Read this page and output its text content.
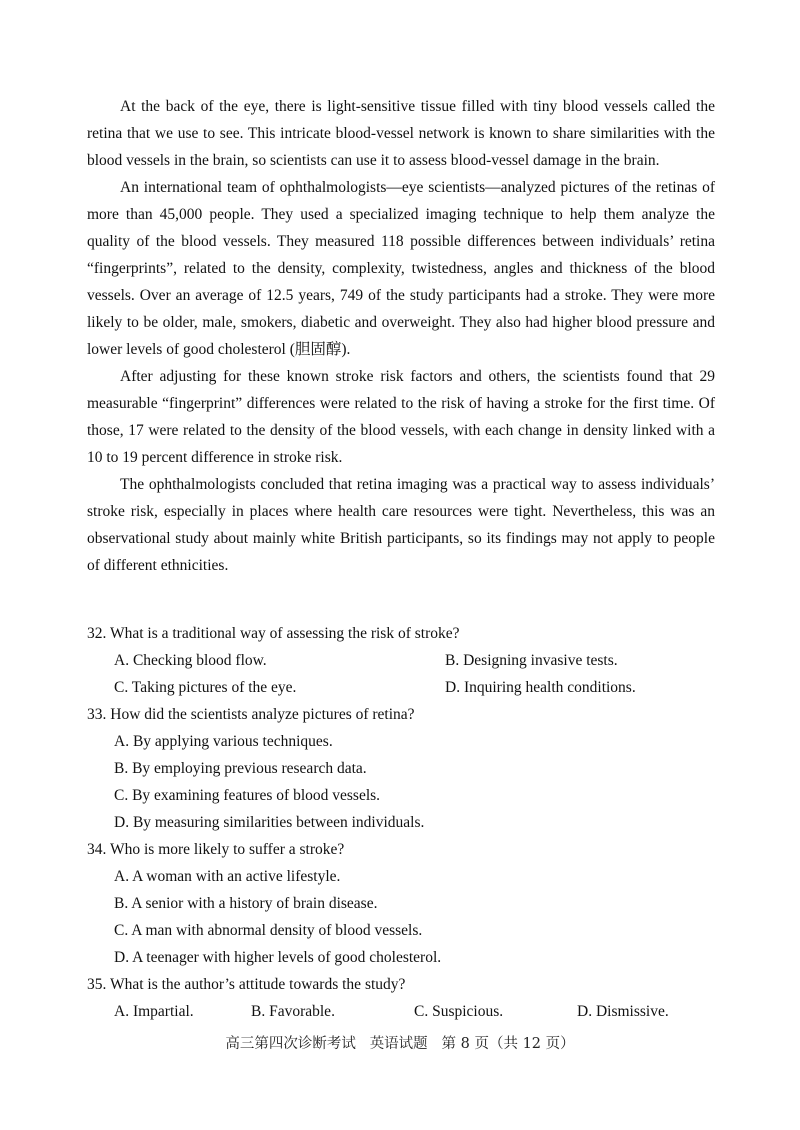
At the back of the eye, there is light-sensitive tissue filled with tiny blood vessels called the retina that we use to see. This intricate blood-vessel network is known to share similarities with the blood vessels in the brain, so scientists can use it to assess blood-vessel damage in the brain.

An international team of ophthalmologists—eye scientists—analyzed pictures of the retinas of more than 45,000 people. They used a specialized imaging technique to help them analyze the quality of the blood vessels. They measured 118 possible differences between individuals’ retina “fingerprints”, related to the density, complexity, twistedness, angles and thickness of the blood vessels. Over an average of 12.5 years, 749 of the study participants had a stroke. They were more likely to be older, male, smokers, diabetic and overweight. They also had higher blood pressure and lower levels of good cholesterol (胆固醇).

After adjusting for these known stroke risk factors and others, the scientists found that 29 measurable “fingerprint” differences were related to the risk of having a stroke for the first time. Of those, 17 were related to the density of the blood vessels, with each change in density linked with a 10 to 19 percent difference in stroke risk.

The ophthalmologists concluded that retina imaging was a practical way to assess individuals’ stroke risk, especially in places where health care resources were tight. Nevertheless, this was an observational study about mainly white British participants, so its findings may not apply to people of different ethnicities.

32. What is a traditional way of assessing the risk of stroke?

A. Checking blood flow.	B. Designing invasive tests.

C. Taking pictures of the eye.	D. Inquiring health conditions.

33. How did the scientists analyze pictures of retina?

A. By applying various techniques.

B. By employing previous research data.

C. By examining features of blood vessels.

D. By measuring similarities between individuals.

34. Who is more likely to suffer a stroke?

A. A woman with an active lifestyle.

B. A senior with a history of brain disease.

C. A man with abnormal density of blood vessels.

D. A teenager with higher levels of good cholesterol.

35. What is the author’s attitude towards the study?

A. Impartial.	B. Favorable.	C. Suspicious.	D. Dismissive.

高三第四次诊断考试 英语试题 第 8 页（共 12 页）
